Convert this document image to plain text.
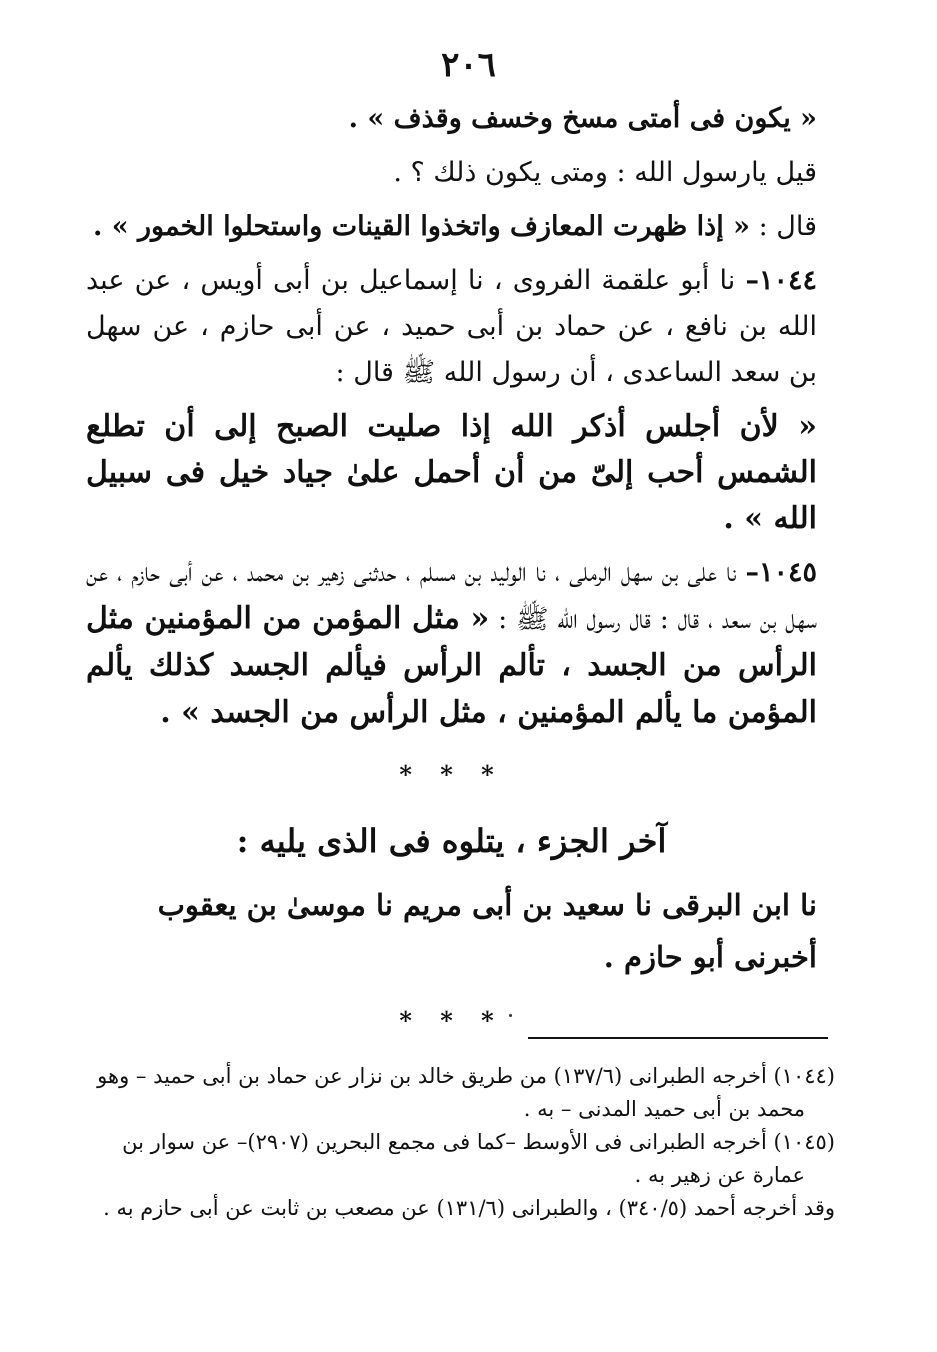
٢٠٦

« يكون فى أمتى مسخ وخسف وقذف » .

قيل يارسول الله : ومتى يكون ذلك ؟ .

قال : « إذا ظهرت المعازف واتخذوا القينات واستحلوا الخمور » .

١٠٤٤– نا أبو علقمة الفروى ، نا إسماعيل بن أبى أويس ، عن عبد الله بن نافع ، عن حماد بن أبى حميد ، عن أبى حازم ، عن سهل بن سعد الساعدى ، أن رسول الله ﷺ قال :

« لأن أجلس أذكر الله إذا صليت الصبح إلى أن تطلع الشمس أحب إلىّ من أن أحمل علىٰ جياد خيل فى سبيل الله » .

١٠٤٥– نا على بن سهل الرملى ، نا الوليد بن مسلم ، حدثنى زهير بن محمد ، عن أبى حازم ، عن سهل بن سعد ، قال : قال رسول الله ﷺ : « مثل المؤمن من المؤمنين مثل الرأس من الجسد ، تألم الرأس فيألم الجسد كذلك يألم المؤمن ما يألم المؤمنين ، مثل الرأس من الجسد » .

* * *
آخر الجزء ، يتلوه فى الذى يليه :
نا ابن البرقى نا سعيد بن أبى مريم نا موسىٰ بن يعقوب أخبرنى أبو حازم .
* * *
(١٠٤٤) أخرجه الطبرانى (١٣٧/٦) من طريق خالد بن نزار عن حماد بن أبى حميد – وهو
محمد بن أبى حميد المدنى – به .
(١٠٤٥) أخرجه الطبرانى فى الأوسط –كما فى مجمع البحرين (٢٩٠٧)– عن سوار بن
عمارة عن زهير به .
وقد أخرجه أحمد (٣٤٠/٥) ، والطبرانى (١٣١/٦) عن مصعب بن ثابت عن أبى حازم به .
